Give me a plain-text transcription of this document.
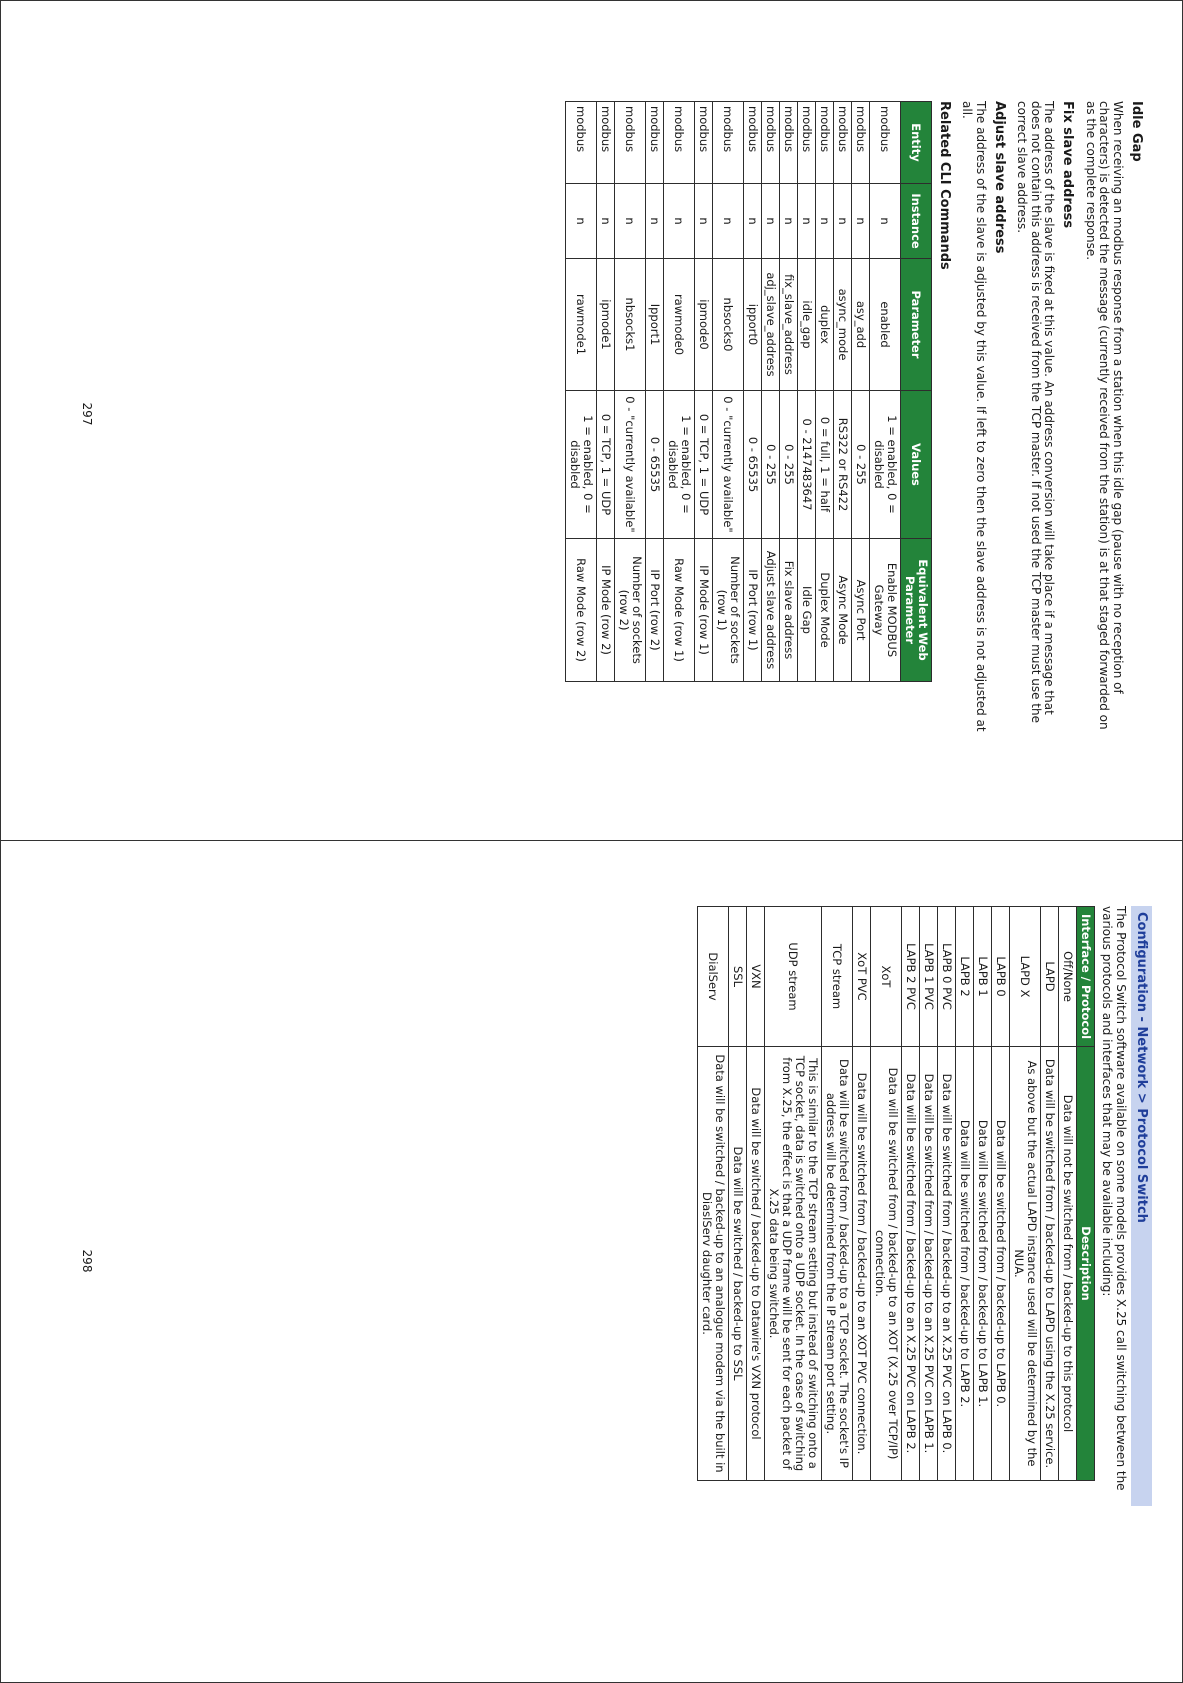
Idle Gap

When receiving an modbus response from a station when this idle gap (pause with no reception of characters) is detected the message (currently received from the station) is at that staged forwarded on as the complete response.

Fix slave address

The address of the slave is fixed at this value. An address conversion will take place if a message that does not contain this address is received from the TCP master. If not used the TCP master must use the correct slave address.

Adjust slave address

The address of the slave is adjusted by this value. If left to zero then the slave address is not adjusted at all.

Related CLI Commands
Entity	Instance	Parameter	Values	Equivalent Web Parameter
modbus	n	enabled	1 = enabled, 0 = disabled	Enable MODBUS Gateway
modbus	n	asy_add	0 - 255	Async Port
modbus	n	async_mode	RS322 or RS422	Async Mode
modbus	n	duplex	0 = full, 1 = half	Duplex Mode
modbus	n	idle_gap	0 - 2147483647	Idle Gap
modbus	n	fix_slave_address	0 - 255	Fix slave address
modbus	n	adj_slave_address	0 - 255	Adjust slave address
modbus	n	ipport0	0 - 65535	IP Port (row 1)
modbus	n	nbsocks0	0 - "currently available"	Number of sockets (row 1)
modbus	n	ipmode0	0 = TCP, 1 = UDP	IP Mode (row 1)
modbus	n	rawmode0	1 = enabled, 0 = disabled	Raw Mode (row 1)
modbus	n	Ipport1	0 - 65535	IP Port (row 2)
modbus	n	nbsocks1	0 - "currently available"	Number of sockets (row 2)
modbus	n	ipmode1	0 = TCP, 1 = UDP	IP Mode (row 2)
modbus	n	rawmode1	1 = enabled, 0 = disabled	Raw Mode (row 2)
297
Configuration - Network > Protocol Switch

The Protocol Switch software available on some models provides X.25 call switching between the various protocols and interfaces that may be available including:

Interface / Protocol	Description
Off/None	Data will not be switched from / backed-up to this protocol
LAPD	Data will be switched from / backed-up to LAPD using the X.25 service.
LAPD X	As above but the actual LAPD instance used will be determined by the NUA.
LAPB 0	Data will be switched from / backed-up to LAPB 0.
LAPB 1	Data will be switched from / backed-up to LAPB 1.
LAPB 2	Data will be switched from / backed-up to LAPB 2.
LAPB 0 PVC	Data will be switched from / backed-up to an X.25 PVC on LAPB 0.
LAPB 1 PVC	Data will be switched from / backed-up to an X.25 PVC on LAPB 1.
LAPB 2 PVC	Data will be switched from / backed-up to an X.25 PVC on LAPB 2.
XoT	Data will be switched from / backed-up to an XOT (X.25 over TCP/IP) connection.
XoT PVC	Data will be switched from / backed-up to an XOT PVC connection.
TCP stream	Data will be switched from / backed-up to a TCP socket. The socket's IP address will be determined from the IP stream port setting.
UDP stream	This is similar to the TCP stream setting but instead of switching onto a TCP socket, data is switched onto a UDP socket. In the case of switching from X.25, the effect is that a UDP frame will be sent for each packet of X.25 data being switched.
VXN	Data will be switched / backed-up to Datawire's VXN protocol
SSL	Data will be switched / backed-up to SSL
DialServ	Data will be switched / backed-up to an analogue modem via the built in DiaslServ daughter card.
298
